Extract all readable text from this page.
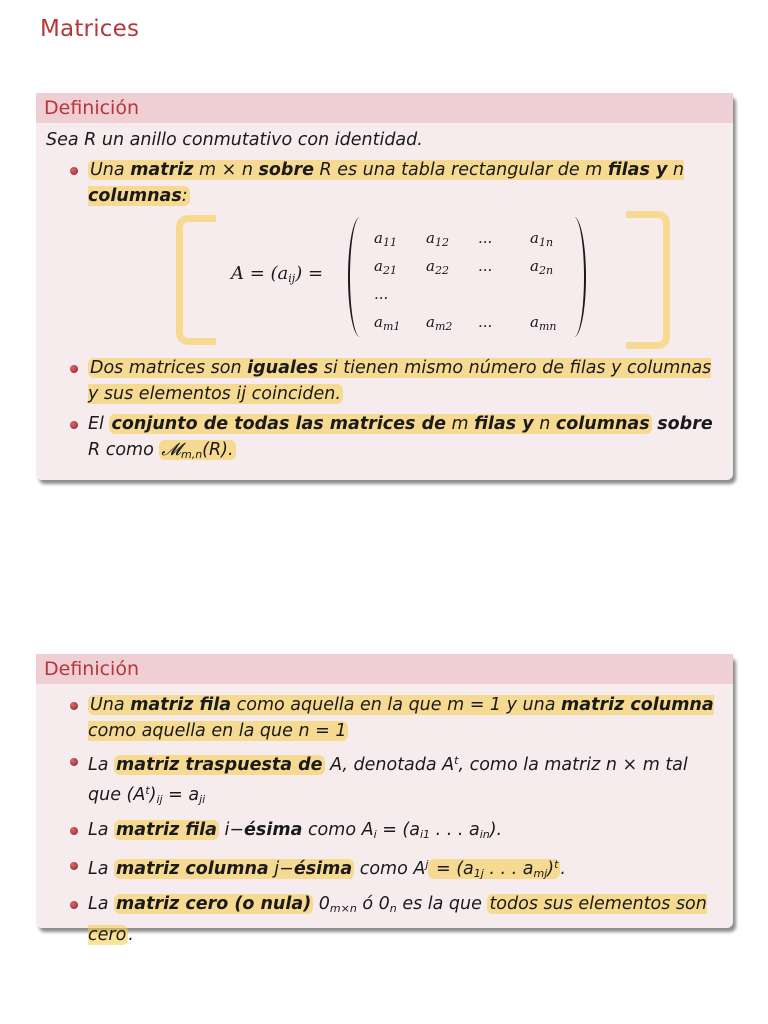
Matrices
Definición
Sea R un anillo conmutativo con identidad.
Una matriz m × n sobre R es una tabla rectangular de m filas y n columnas:
$A = (a_{ij})$ =
$a_{11}$	$a_{12}$	...	$a_{1n}$
$a_{21}$	$a_{22}$	...	$a_{2n}$
...
$a_{m1}$	$a_{m2}$	...	$a_{mn}$
Dos matrices son iguales si tienen mismo número de filas y columnas y sus elementos ij coinciden.
El conjunto de todas las matrices de m filas y n columnas sobre R como 𝓜$_{m,n}$(R).
Definición
Una matriz fila como aquella en la que m = 1 y una matriz columna como aquella en la que n = 1
La matriz traspuesta de A, denotada $A^t$, como la matriz n × m tal que $(A^t)_{ij} = a_{ji}$
La matriz fila i−ésima como $A_i = (a_{i1}$ . . . $a_{in}$).
La matriz columna j−ésima como $A^j = (a_{1j}$ . . . $a_{mj})^t$ .
La matriz cero (o nula) $0_{m\times n}$ ó $0_n$ es la que todos sus elementos son cero .
